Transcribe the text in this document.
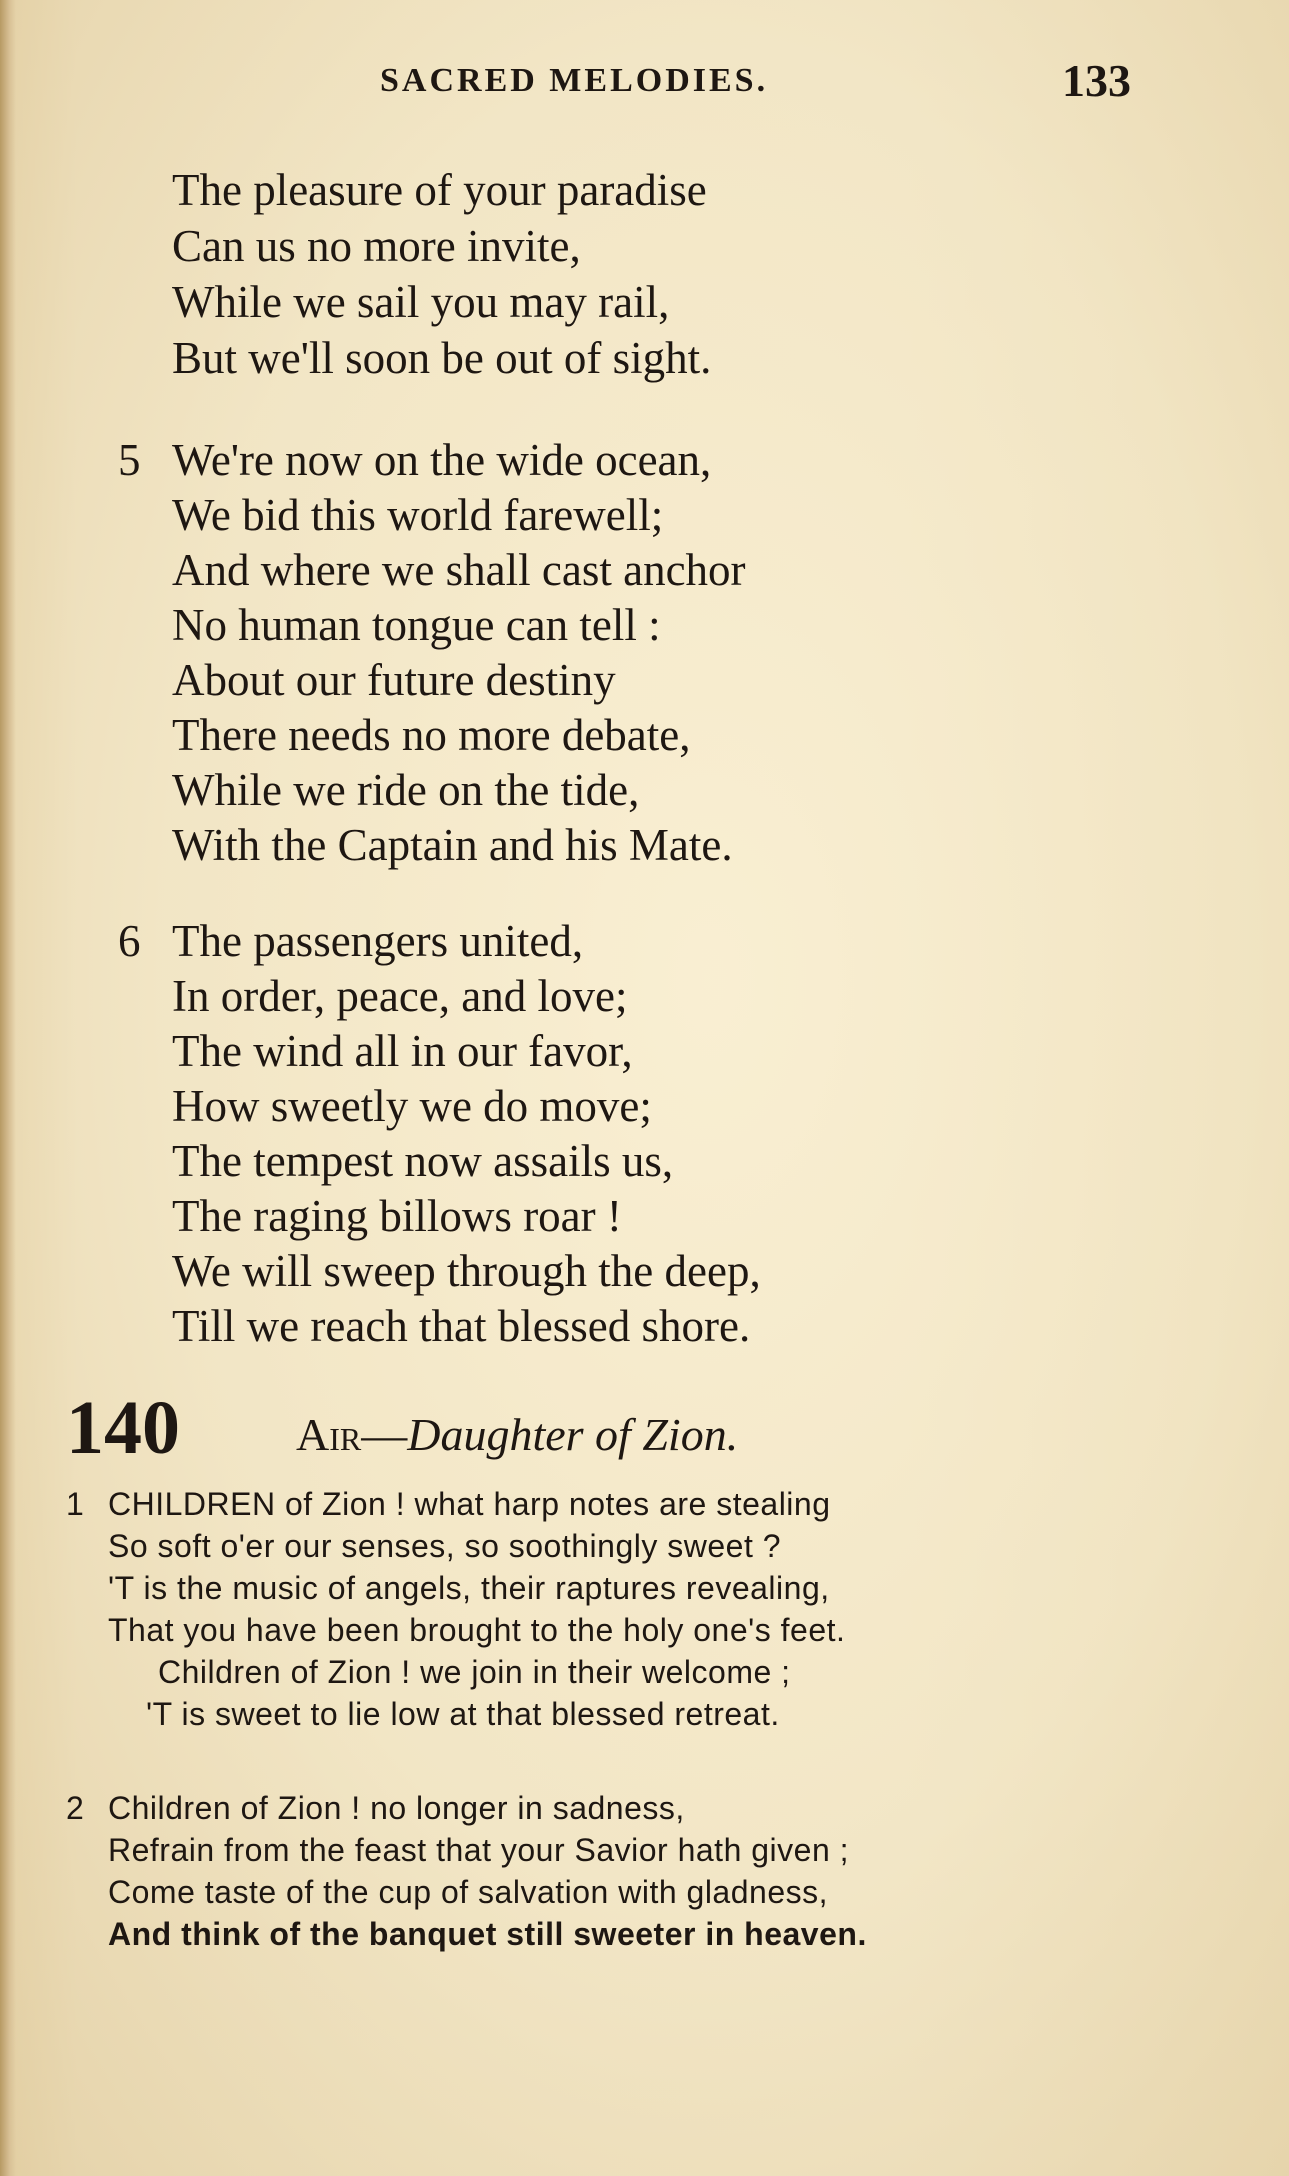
SACRED MELODIES.	133
The pleasure of your paradise
Can us no more invite,
While we sail you may rail,
But we'll soon be out of sight.
5 We're now on the wide ocean,
We bid this world farewell;
And where we shall cast anchor
No human tongue can tell :
About our future destiny
There needs no more debate,
While we ride on the tide,
With the Captain and his Mate.
6 The passengers united,
In order, peace, and love;
The wind all in our favor,
How sweetly we do move;
The tempest now assails us,
The raging billows roar !
We will sweep through the deep,
Till we reach that blessed shore.
140	Air—Daughter of Zion.
1 CHILDREN of Zion ! what harp notes are stealing
So soft o'er our senses, so soothingly sweet ?
'T is the music of angels, their raptures revealing,
That you have been brought to the holy one's feet.
Children of Zion ! we join in their welcome ;
'T is sweet to lie low at that blessed retreat.
2 Children of Zion ! no longer in sadness,
Refrain from the feast that your Savior hath given ;
Come taste of the cup of salvation with gladness,
And think of the banquet still sweeter in heaven.
